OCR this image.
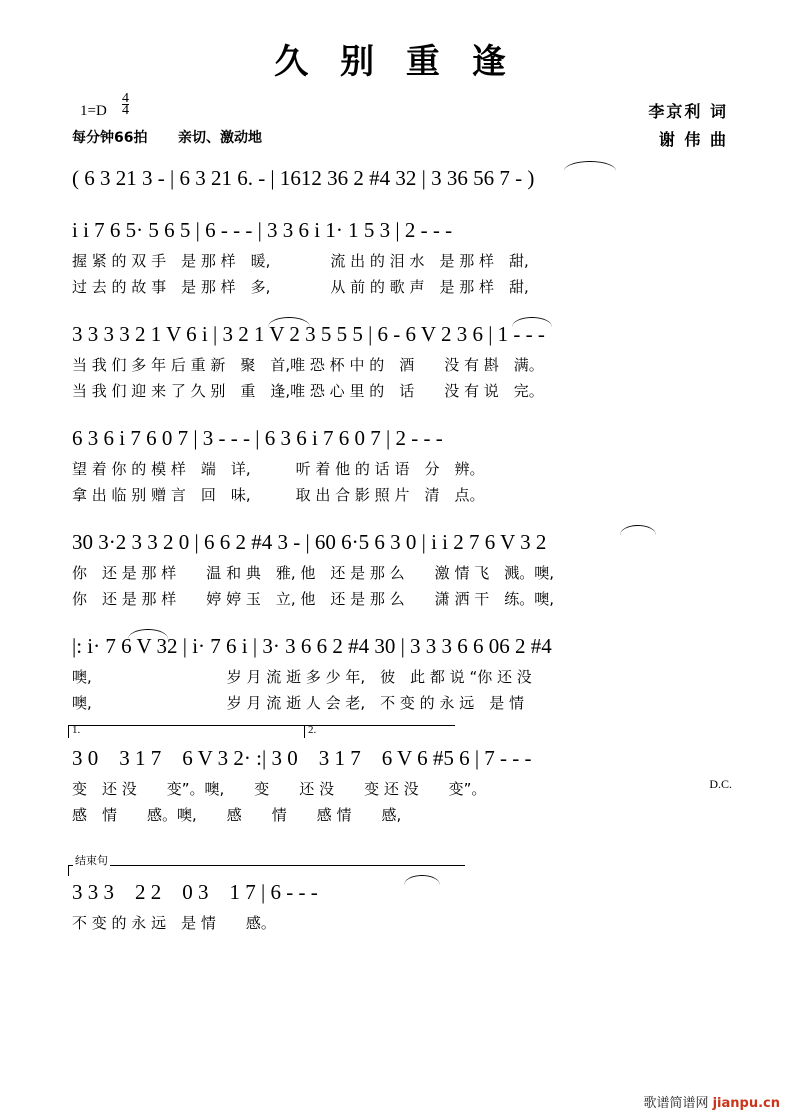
久 别 重 逢
$1=D \frac{4}{4}$
每分钟66拍 亲切、激动地
李京利 词
谢 伟 曲
( 6 3 21 3 - | 6 3 21 6. - | 1612 36 2 #4 32 | 3 36 56 7 - )
i i 7 6 5· 5 6 5 | 6 - - - | 3 3 6 i 1· 1 5 3 | 2 - - -
握 紧 的 双 手　是 那 样　暖,　　　　流 出 的 泪 水　是 那 样　甜,
过 去 的 故 事　是 那 样　多,　　　　从 前 的 歌 声　是 那 样　甜,
3 3 3 3 2 1 V 6 i | 3 2 1 V 2 3 5 5 5 | 6 - 6 V 2 3 6 | 1 - - -
当 我 们 多 年 后 重 新　聚　首,唯 恐 杯 中 的　酒　　没 有 斟　满。
当 我 们 迎 来 了 久 别　重　逢,唯 恐 心 里 的　话　　没 有 说　完。
6 3 6 i 7 6 0 7 | 3 - - - | 6 3 6 i 7 6 0 7 | 2 - - -
望 着 你 的 模 样　端　详,　　　听 着 他 的 话 语　分　辨。
拿 出 临 别 赠 言　回　味,　　　取 出 合 影 照 片　清　点。
30 3·2 3 3 2 0 | 6 6 2 #4 3 - | 60 6·5 6 3 0 | i i 2 7 6 V 3 2
你　还 是 那 样　　温 和 典　雅, 他　还 是 那 么　　激 情 飞　溅。噢,
你　还 是 那 样　　婷 婷 玉　立, 他　还 是 那 么　　潇 洒 干　练。噢,
|: i· 7 6 V 32 | i· 7 6 i | 3· 3 6 6 2 #4 30 | 3 3 3 6 6 06 2 #4
噢,　　　　　　　　　岁 月 流 逝 多 少 年,　彼　此 都 说 “你 还 没
噢,　　　　　　　　　岁 月 流 逝 人 会 老,　不 变 的 永 远　是 情
1.	2.
3 0　3 1 7　6 V 3 2· :| 3 0　3 1 7　6 V 6 #5 6 | 7 - - -
变　还 没　　变”。噢,　　变　　还 没　　变 还 没　　变”。
感　情　　感。噢,　　感　　情　　感 情　　感,
D.C.
结束句
3 3 3　2 2　0 3　1 7 | 6 - - -
不 变 的 永 远　是 情　　感。
歌谱简谱网 jianpu.cn
